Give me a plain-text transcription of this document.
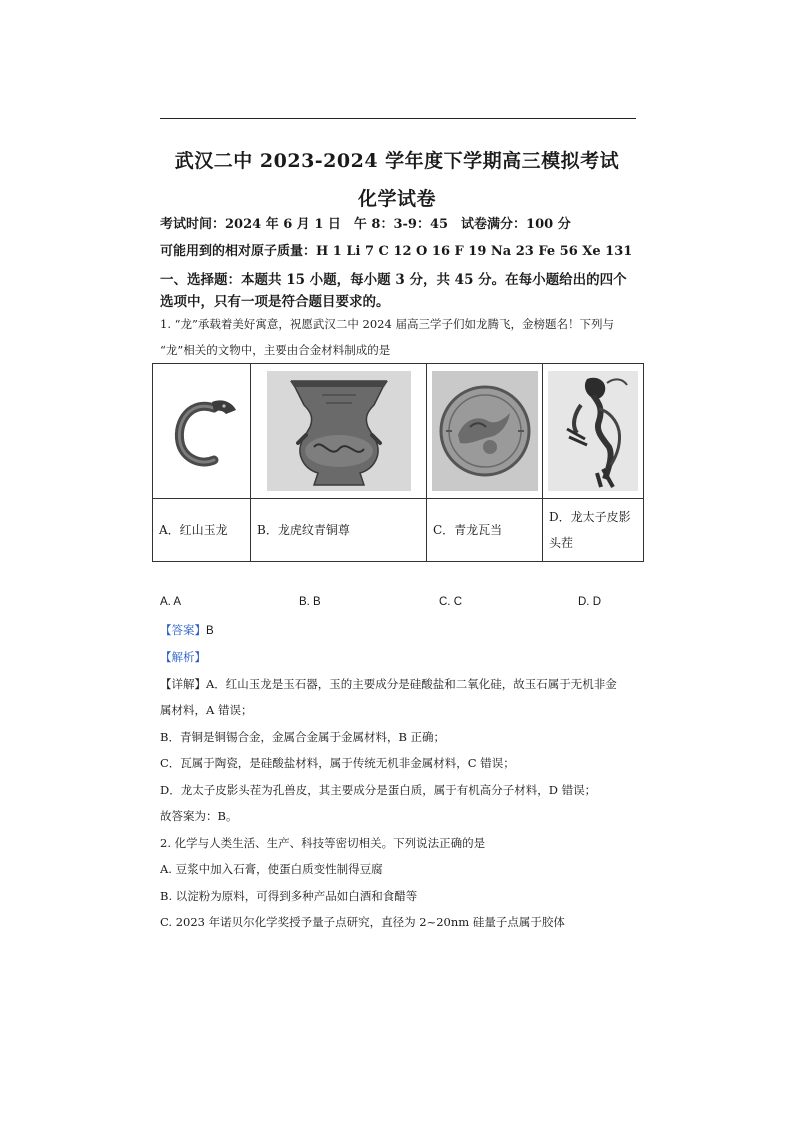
武汉二中 2023-2024 学年度下学期高三模拟考试
化学试卷
考试时间：2024 年 6 月 1 日　午 8：3-9：45　试卷满分：100 分
可能用到的相对原子质量：H 1 Li 7 C 12 O 16 F 19 Na 23 Fe 56 Xe 131
一、选择题：本题共 15 小题，每小题 3 分，共 45 分。在每小题给出的四个选项中，只有一项是符合题目要求的。
1. “龙”承载着美好寓意，祝愿武汉二中 2024 届高三学子们如龙腾飞，金榜题名！下列与
“龙”相关的文物中，主要由合金材料制成的是

A．红山玉龙	B．龙虎纹青铜尊	C．青龙瓦当	D．龙太子皮影
头茬
A. A	B. B	C. C	D. D
【答案】B
【解析】
【详解】A．红山玉龙是玉石器，玉的主要成分是硅酸盐和二氧化硅，故玉石属于无机非金
属材料，A 错误；
B．青铜是铜锡合金，金属合金属于金属材料，B 正确；
C．瓦属于陶瓷，是硅酸盐材料，属于传统无机非金属材料，C 错误；
D．龙太子皮影头茬为孔兽皮，其主要成分是蛋白质，属于有机高分子材料，D 错误；
故答案为：B。
2. 化学与人类生活、生产、科技等密切相关。下列说法正确的是
A. 豆浆中加入石膏，使蛋白质变性制得豆腐
B. 以淀粉为原料，可得到多种产品如白酒和食醋等
C. 2023 年诺贝尔化学奖授予量子点研究，直径为 2~20nm 硅量子点属于胶体
